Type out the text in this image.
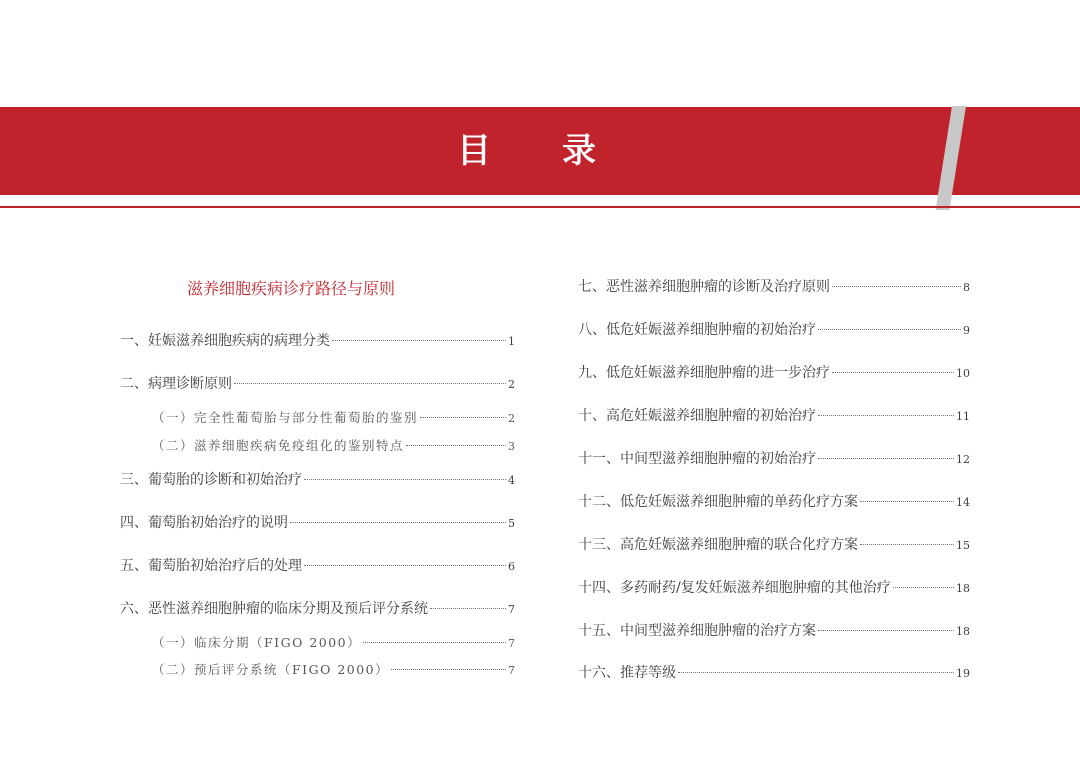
目 录
滋养细胞疾病诊疗路径与原则
一、妊娠滋养细胞疾病的病理分类	1
二、病理诊断原则	2
（一）完全性葡萄胎与部分性葡萄胎的鉴别	2
（二）滋养细胞疾病免疫组化的鉴别特点	3
三、葡萄胎的诊断和初始治疗	4
四、葡萄胎初始治疗的说明	5
五、葡萄胎初始治疗后的处理	6
六、恶性滋养细胞肿瘤的临床分期及预后评分系统	7
（一）临床分期（FIGO 2000）	7
（二）预后评分系统（FIGO 2000）	7
七、恶性滋养细胞肿瘤的诊断及治疗原则	8
八、低危妊娠滋养细胞肿瘤的初始治疗	9
九、低危妊娠滋养细胞肿瘤的进一步治疗	10
十、高危妊娠滋养细胞肿瘤的初始治疗	11
十一、中间型滋养细胞肿瘤的初始治疗	12
十二、低危妊娠滋养细胞肿瘤的单药化疗方案	14
十三、高危妊娠滋养细胞肿瘤的联合化疗方案	15
十四、多药耐药/复发妊娠滋养细胞肿瘤的其他治疗	18
十五、中间型滋养细胞肿瘤的治疗方案	18
十六、推荐等级	19
